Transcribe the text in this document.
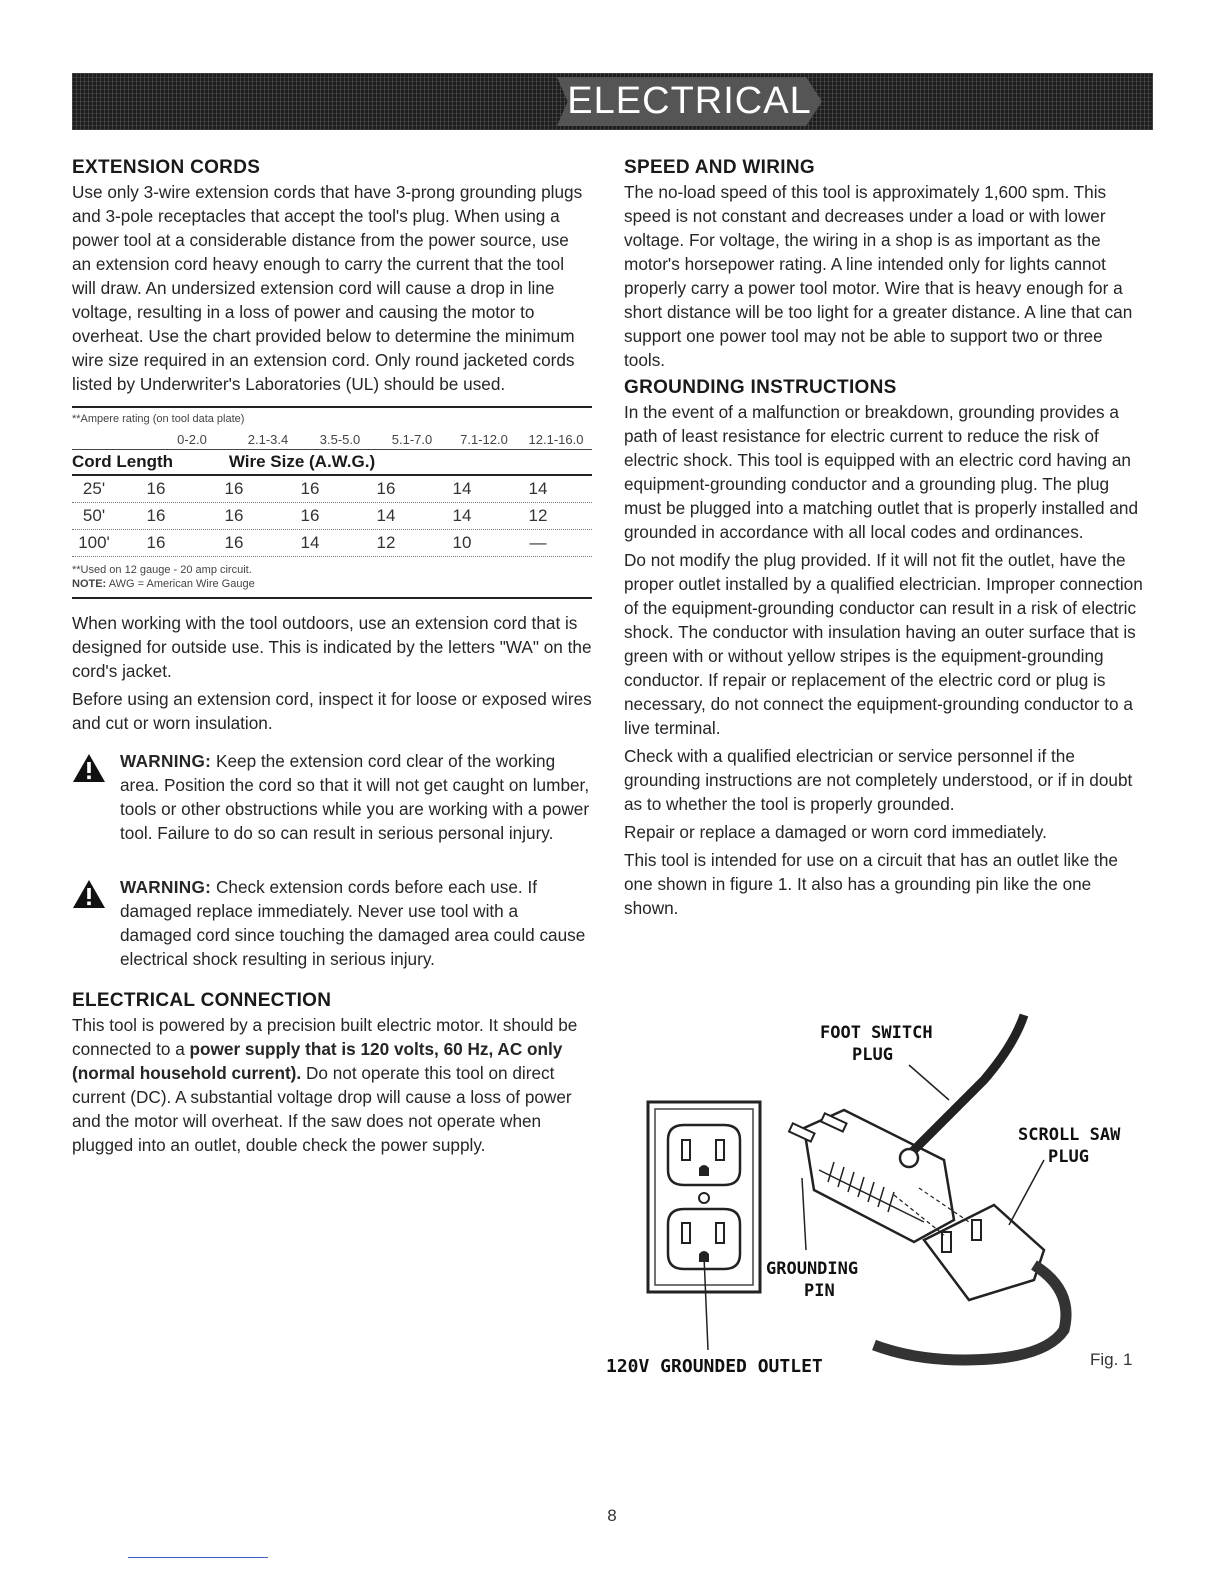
ELECTRICAL
EXTENSION CORDS

Use only 3-wire extension cords that have 3-prong grounding plugs and 3-pole receptacles that accept the tool's plug. When using a power tool at a considerable distance from the power source, use an extension cord heavy enough to carry the current that the tool will draw. An undersized extension cord will cause a drop in line voltage, resulting in a loss of power and causing the motor to overheat. Use the chart provided below to determine the minimum wire size required in an extension cord. Only round jacketed cords listed by Underwriter's Laboratories (UL) should be used.

**Ampere rating (on tool data plate)
0-2.0	2.1-3.4	3.5-5.0	5.1-7.0	7.1-12.0	12.1-16.0
Cord Length	Wire Size (A.W.G.)
25'	16	16	16	16	14	14
50'	16	16	16	14	14	12
100'	16	16	14	12	10	—
**Used on 12 gauge - 20 amp circuit.
NOTE: AWG = American Wire Gauge

When working with the tool outdoors, use an extension cord that is designed for outside use. This is indicated by the letters "WA" on the cord's jacket.

Before using an extension cord, inspect it for loose or exposed wires and cut or worn insulation.

WARNING: Keep the extension cord clear of the working area. Position the cord so that it will not get caught on lumber, tools or other obstructions while you are working with a power tool. Failure to do so can result in serious personal injury.

WARNING: Check extension cords before each use. If damaged replace immediately. Never use tool with a damaged cord since touching the damaged area could cause electrical shock resulting in serious injury.

ELECTRICAL CONNECTION

This tool is powered by a precision built electric motor. It should be connected to a power supply that is 120 volts, 60 Hz, AC only (normal household current). Do not operate this tool on direct current (DC). A substantial voltage drop will cause a loss of power and the motor will overheat. If the saw does not operate when plugged into an outlet, double check the power supply.

SPEED AND WIRING

The no-load speed of this tool is approximately 1,600 spm. This speed is not constant and decreases under a load or with lower voltage. For voltage, the wiring in a shop is as important as the motor's horsepower rating. A line intended only for lights cannot properly carry a power tool motor. Wire that is heavy enough for a short distance will be too light for a greater distance. A line that can support one power tool may not be able to support two or three tools.

GROUNDING INSTRUCTIONS

In the event of a malfunction or breakdown, grounding provides a path of least resistance for electric current to reduce the risk of electric shock. This tool is equipped with an electric cord having an equipment-grounding conductor and a grounding plug. The plug must be plugged into a matching outlet that is properly installed and grounded in accordance with all local codes and ordinances.

Do not modify the plug provided. If it will not fit the outlet, have the proper outlet installed by a qualified electrician. Improper connection of the equipment-grounding conductor can result in a risk of electric shock. The conductor with insulation having an outer surface that is green with or without yellow stripes is the equipment-grounding conductor. If repair or replacement of the electric cord or plug is necessary, do not connect the equipment-grounding conductor to a live terminal.

Check with a qualified electrician or service personnel if the grounding instructions are not completely understood, or if in doubt as to whether the tool is properly grounded.

Repair or replace a damaged or worn cord immediately.

This tool is intended for use on a circuit that has an outlet like the one shown in figure 1. It also has a grounding pin like the one shown.

FOOT SWITCH
PLUG
SCROLL SAW
PLUG
GROUNDING
PIN
120V GROUNDED OUTLET	Fig. 1
8
